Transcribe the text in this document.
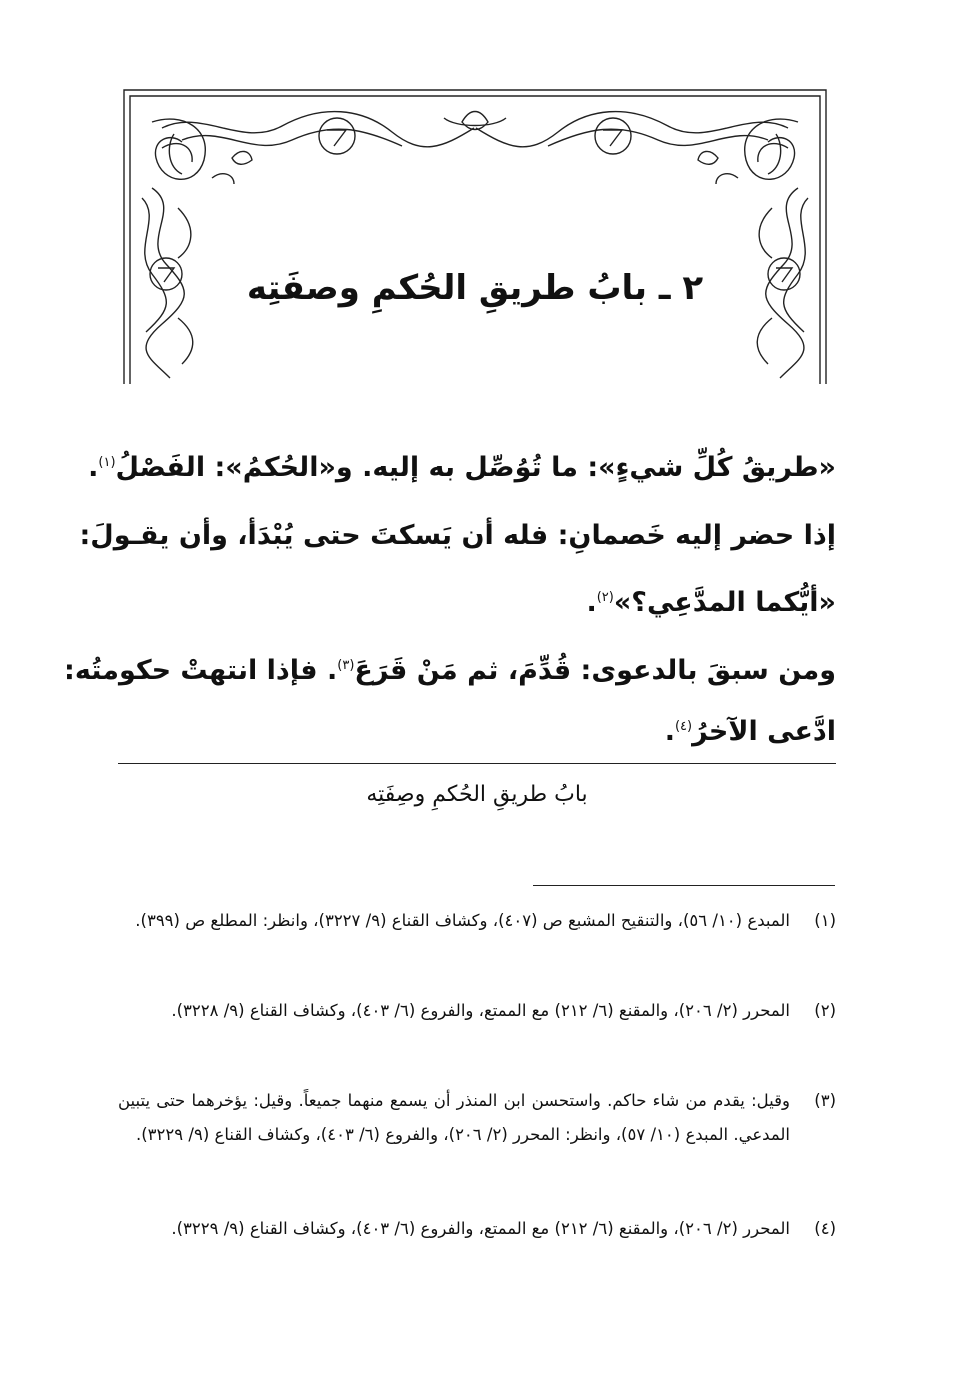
٢ ـ بابُ طريقِ الحُكمِ وصفَتِه

«طريقُ كُلِّ شيءٍ»: ما تُوُصِّل به إليه. و«الحُكمُ»: الفَصْلُ$^{(١)}$.

إذا حضر إليه خَصمانِ: فله أن يَسكتَ حتى يُبْدَأ، وأن يقـولَ:

«أيُّكما المدَّعِي؟»$^{(٢)}$.

ومن سبقَ بالدعوى: قُدِّمَ، ثم مَنْ قَرَعَ$^{(٣)}$. فإذا انتهتْ حكومتُه:

ادَّعى الآخرُ$^{(٤)}$.

بابُ طريقِ الحُكمِ وصِفَتِه

(١)
المبدع (١٠/ ٥٦)، والتنقيح المشبع ص (٤٠٧)، وكشاف القناع (٩/ ٣٢٢٧)، وانظر: المطلع ص (٣٩٩).
(٢)
المحرر (٢/ ٢٠٦)، والمقنع (٦/ ٢١٢) مع الممتع، والفروع (٦/ ٤٠٣)، وكشاف القناع (٩/ ٣٢٢٨).
(٣)
وقيل: يقدم من شاء حاكم. واستحسن ابن المنذر أن يسمع منهما جميعاً. وقيل: يؤخرهما حتى يتبين المدعي. المبدع (١٠/ ٥٧)، وانظر: المحرر (٢/ ٢٠٦)، والفروع (٦/ ٤٠٣)، وكشاف القناع (٩/ ٣٢٢٩).
(٤)
المحرر (٢/ ٢٠٦)، والمقنع (٦/ ٢١٢) مع الممتع، والفروع (٦/ ٤٠٣)، وكشاف القناع (٩/ ٣٢٢٩).
